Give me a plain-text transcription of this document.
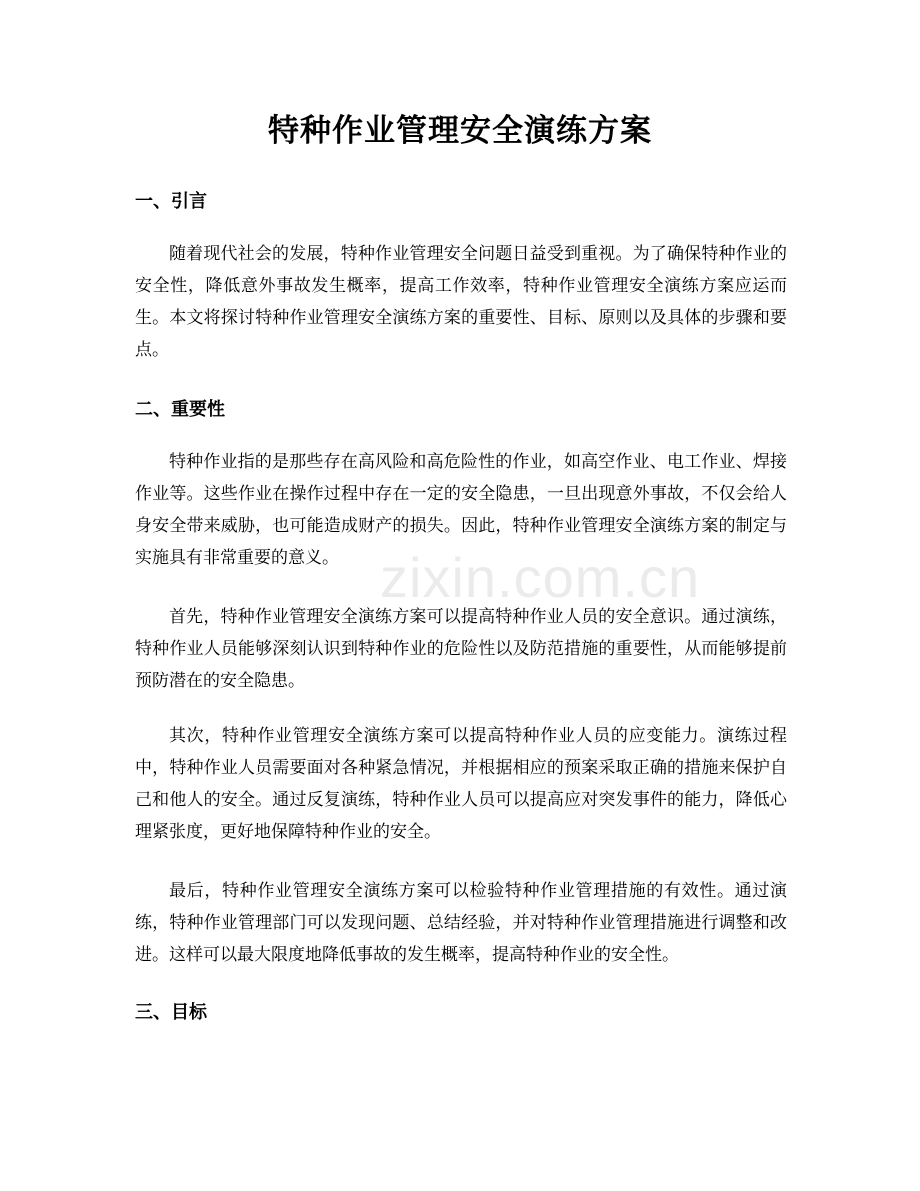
特种作业管理安全演练方案
一、引言

随着现代社会的发展，特种作业管理安全问题日益受到重视。为了确保特种作业的安全性，降低意外事故发生概率，提高工作效率，特种作业管理安全演练方案应运而生。本文将探讨特种作业管理安全演练方案的重要性、目标、原则以及具体的步骤和要点。

二、重要性

特种作业指的是那些存在高风险和高危险性的作业，如高空作业、电工作业、焊接作业等。这些作业在操作过程中存在一定的安全隐患，一旦出现意外事故，不仅会给人身安全带来威胁，也可能造成财产的损失。因此，特种作业管理安全演练方案的制定与实施具有非常重要的意义。

首先，特种作业管理安全演练方案可以提高特种作业人员的安全意识。通过演练，特种作业人员能够深刻认识到特种作业的危险性以及防范措施的重要性，从而能够提前预防潜在的安全隐患。

其次，特种作业管理安全演练方案可以提高特种作业人员的应变能力。演练过程中，特种作业人员需要面对各种紧急情况，并根据相应的预案采取正确的措施来保护自己和他人的安全。通过反复演练，特种作业人员可以提高应对突发事件的能力，降低心理紧张度，更好地保障特种作业的安全。

最后，特种作业管理安全演练方案可以检验特种作业管理措施的有效性。通过演练，特种作业管理部门可以发现问题、总结经验，并对特种作业管理措施进行调整和改进。这样可以最大限度地降低事故的发生概率，提高特种作业的安全性。

三、目标
zixin.com.cn
